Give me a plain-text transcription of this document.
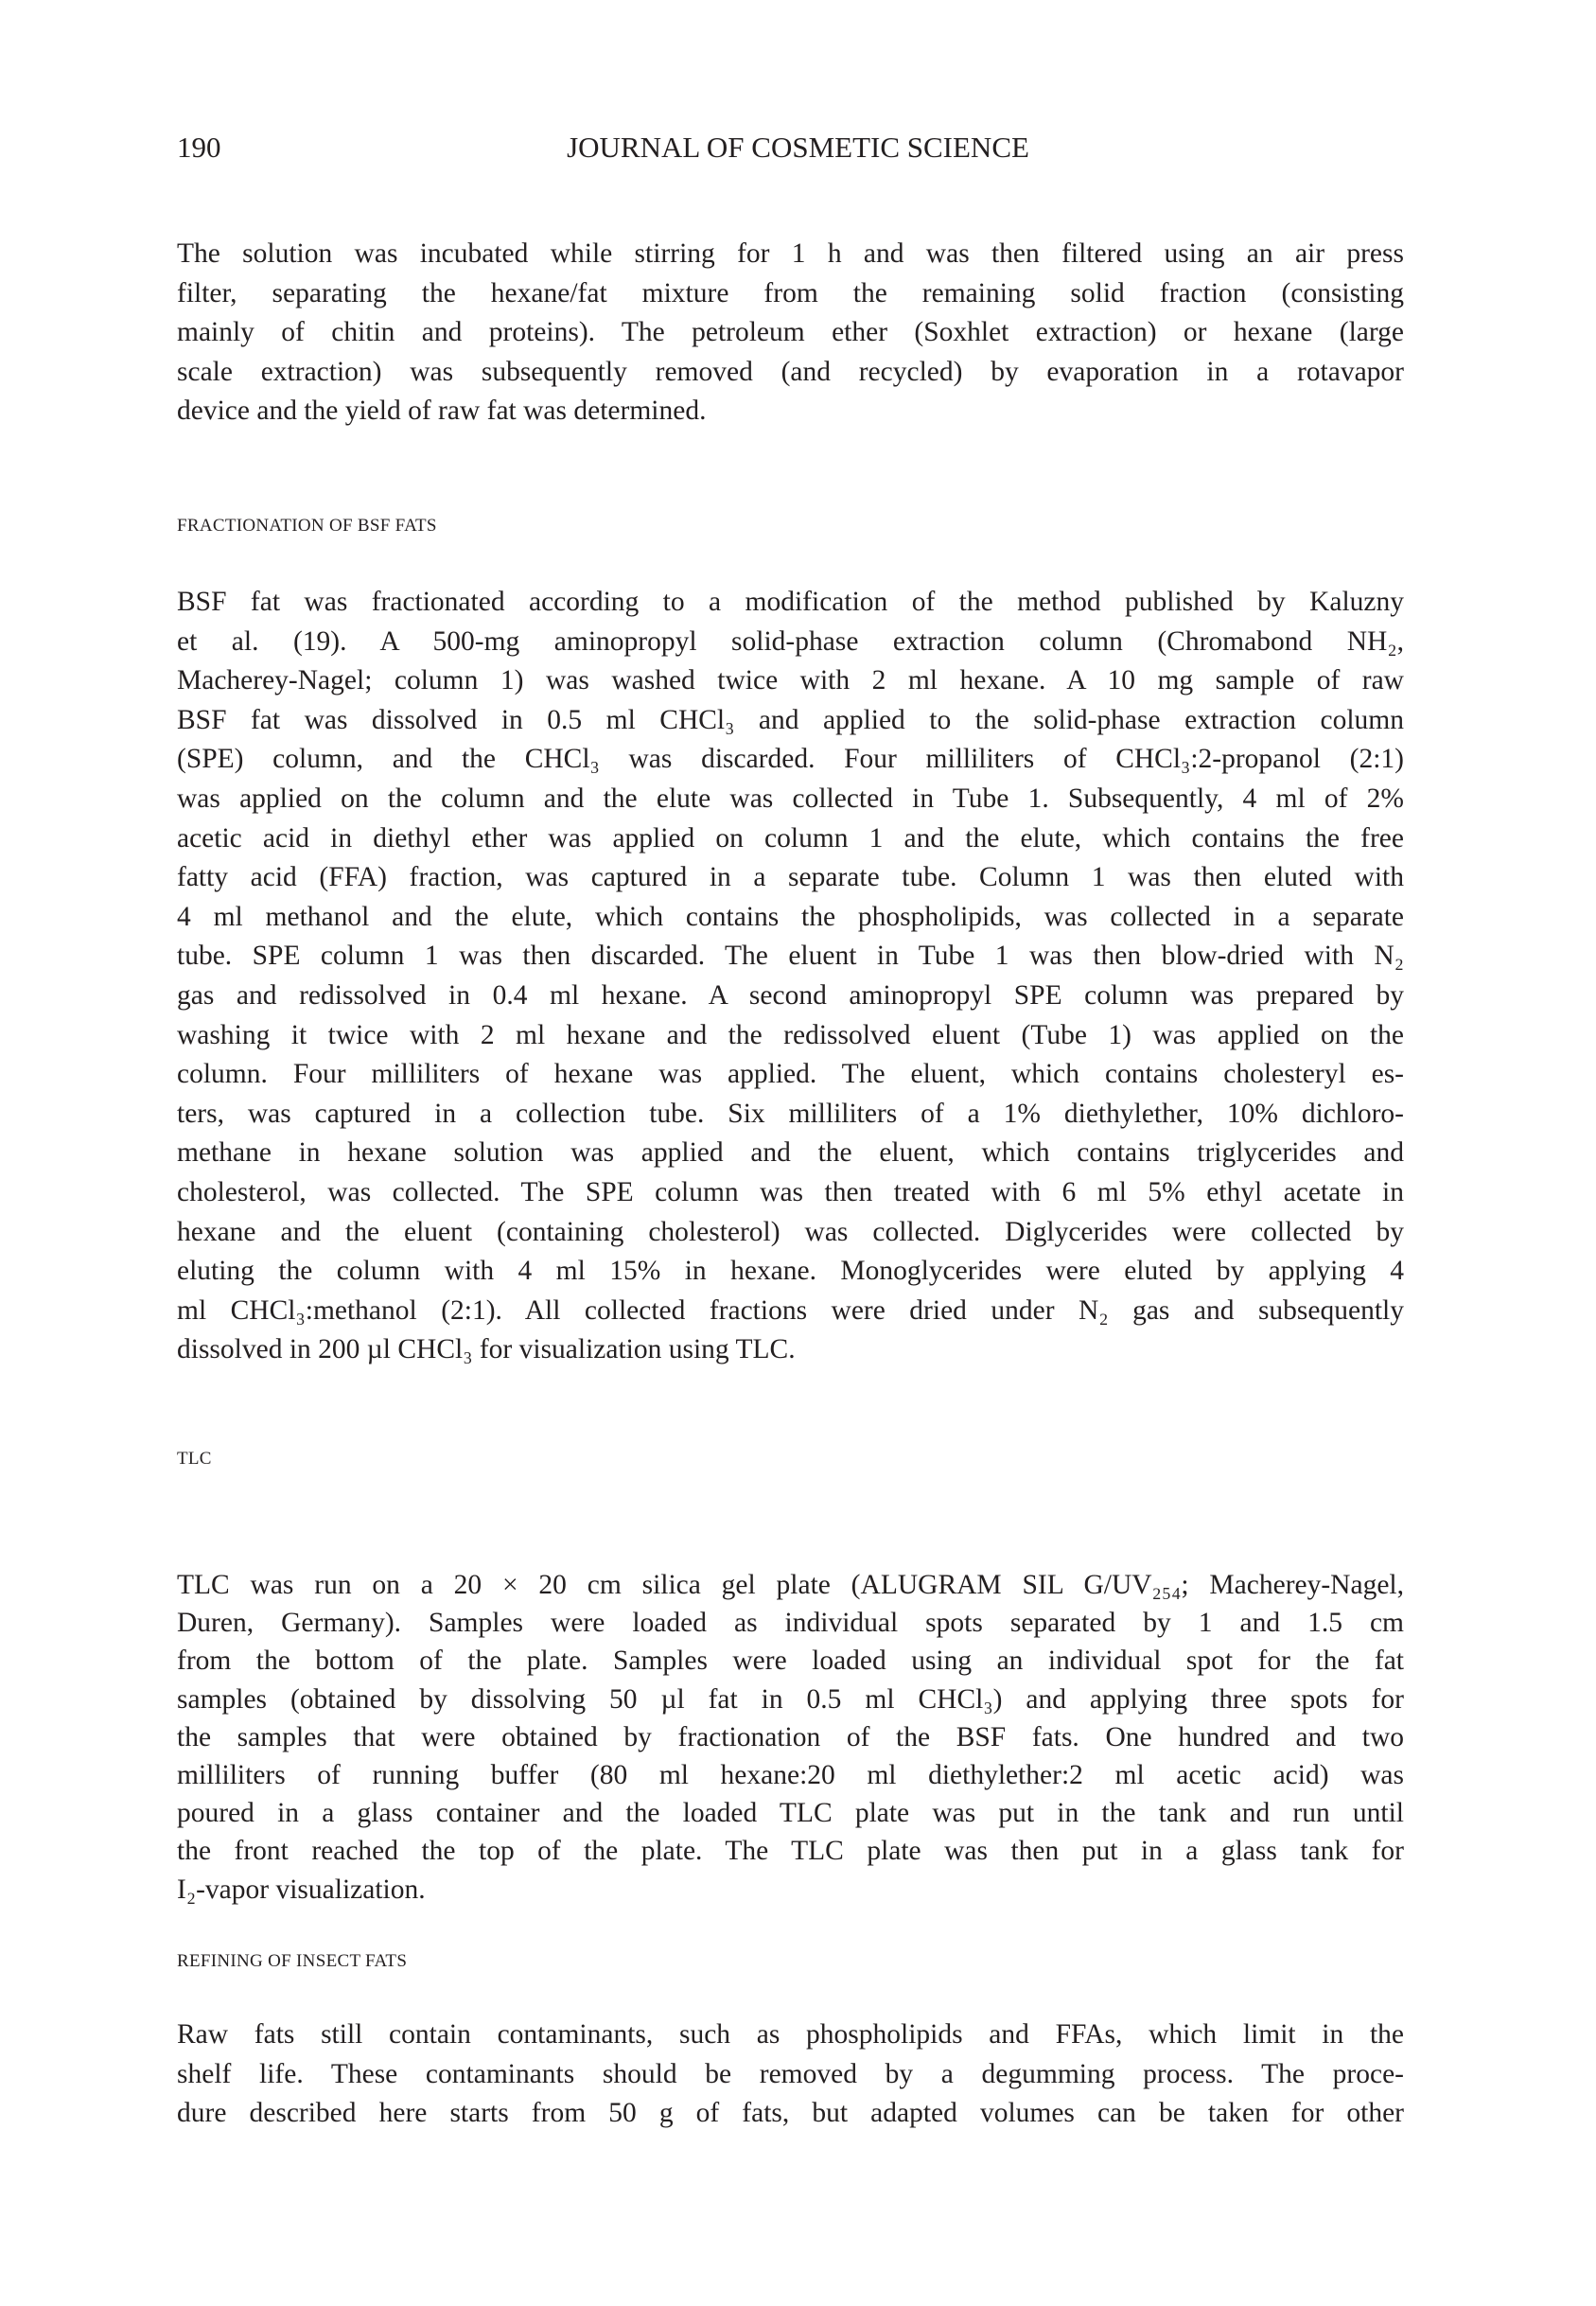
190	JOURNAL OF COSMETIC SCIENCE
The solution was incubated while stirring for 1 h and was then filtered using an air press
filter, separating the hexane/fat mixture from the remaining solid fraction (consisting
mainly of chitin and proteins). The petroleum ether (Soxhlet extraction) or hexane (large
scale extraction) was subsequently removed (and recycled) by evaporation in a rotavapor
device and the yield of raw fat was determined.
FRACTIONATION OF BSF FATS
BSF fat was fractionated according to a modification of the method published by Kaluzny
et al. (19). A 500-mg aminopropyl solid-phase extraction column (Chromabond NH₂,
Macherey-Nagel; column 1) was washed twice with 2 ml hexane. A 10 mg sample of raw
BSF fat was dissolved in 0.5 ml CHCl₃ and applied to the solid-phase extraction column
(SPE) column, and the CHCl₃ was discarded. Four milliliters of CHCl₃:2-propanol (2:1)
was applied on the column and the elute was collected in Tube 1. Subsequently, 4 ml of 2%
acetic acid in diethyl ether was applied on column 1 and the elute, which contains the free
fatty acid (FFA) fraction, was captured in a separate tube. Column 1 was then eluted with
4 ml methanol and the elute, which contains the phospholipids, was collected in a separate
tube. SPE column 1 was then discarded. The eluent in Tube 1 was then blow-dried with N₂
gas and redissolved in 0.4 ml hexane. A second aminopropyl SPE column was prepared by
washing it twice with 2 ml hexane and the redissolved eluent (Tube 1) was applied on the
column. Four milliliters of hexane was applied. The eluent, which contains cholesteryl es-
ters, was captured in a collection tube. Six milliliters of a 1% diethylether, 10% dichloro-
methane in hexane solution was applied and the eluent, which contains triglycerides and
cholesterol, was collected. The SPE column was then treated with 6 ml 5% ethyl acetate in
hexane and the eluent (containing cholesterol) was collected. Diglycerides were collected by
eluting the column with 4 ml 15% in hexane. Monoglycerides were eluted by applying 4
ml CHCl₃:methanol (2:1). All collected fractions were dried under N₂ gas and subsequently
dissolved in 200 µl CHCl₃ for visualization using TLC.
TLC
TLC was run on a 20 × 20 cm silica gel plate (ALUGRAM SIL G/UV₂₅₄; Macherey-Nagel,
Duren, Germany). Samples were loaded as individual spots separated by 1 and 1.5 cm
from the bottom of the plate. Samples were loaded using an individual spot for the fat
samples (obtained by dissolving 50 µl fat in 0.5 ml CHCl₃) and applying three spots for
the samples that were obtained by fractionation of the BSF fats. One hundred and two
milliliters of running buffer (80 ml hexane:20 ml diethylether:2 ml acetic acid) was
poured in a glass container and the loaded TLC plate was put in the tank and run until
the front reached the top of the plate. The TLC plate was then put in a glass tank for
I₂-vapor visualization.
REFINING OF INSECT FATS
Raw fats still contain contaminants, such as phospholipids and FFAs, which limit in the
shelf life. These contaminants should be removed by a degumming process. The proce-
dure described here starts from 50 g of fats, but adapted volumes can be taken for other
